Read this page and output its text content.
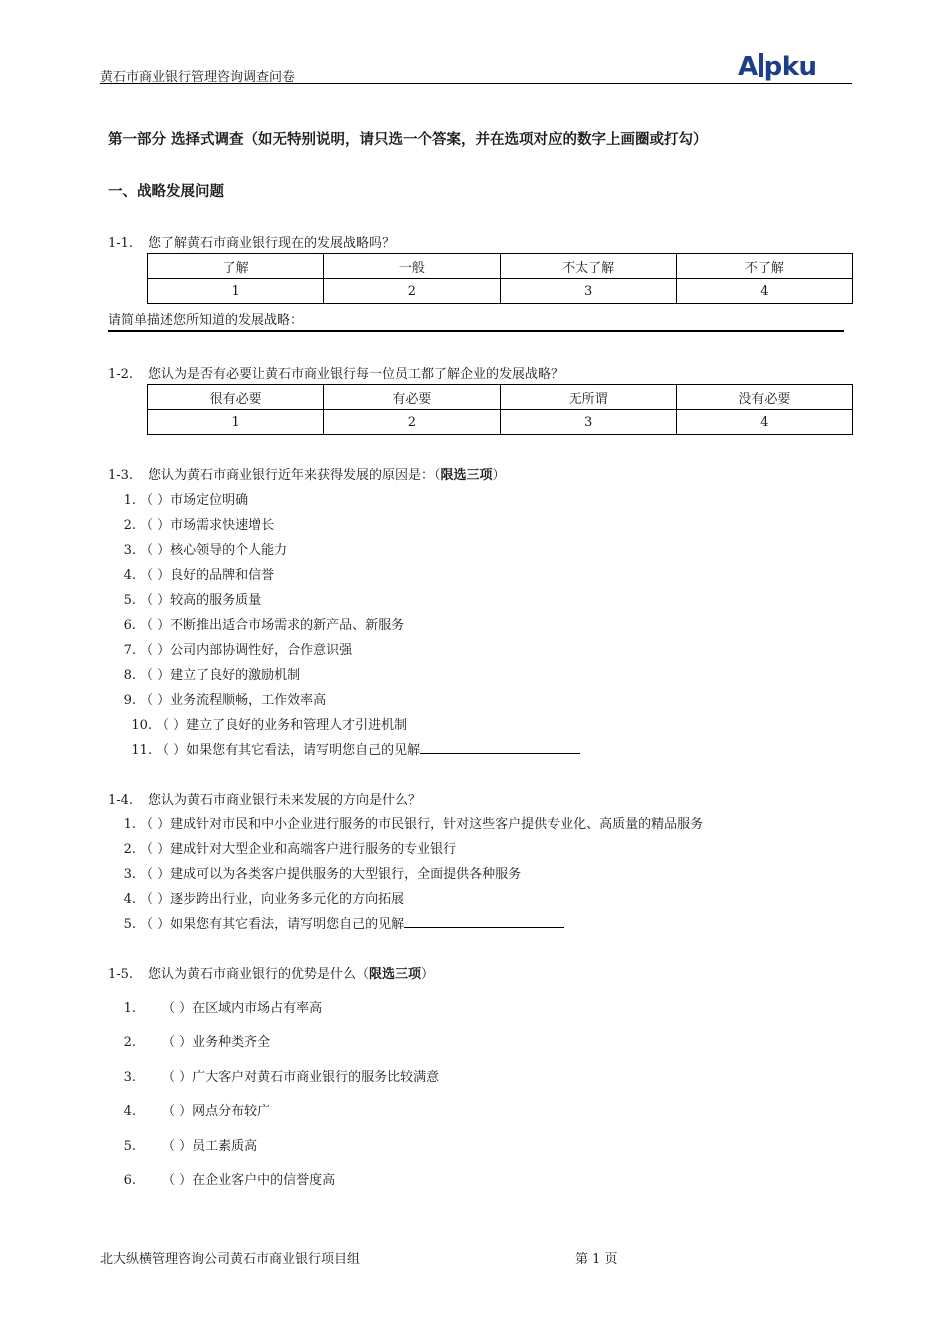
黄石市商业银行管理咨询调查问卷	A pku
第一部分 选择式调查（如无特别说明，请只选一个答案，并在选项对应的数字上画圈或打勾）
一、战略发展问题
1-1. 您了解黄石市商业银行现在的发展战略吗？
了解	一般	不太了解	不了解
1	2	3	4
请简单描述您所知道的发展战略：
1-2. 您认为是否有必要让黄石市商业银行每一位员工都了解企业的发展战略？
很有必要	有必要	无所谓	没有必要
1	2	3	4
1-3. 您认为黄石市商业银行近年来获得发展的原因是：（限选三项）
1. （ ）市场定位明确
2. （ ）市场需求快速增长
3. （ ）核心领导的个人能力
4. （ ）良好的品牌和信誉
5. （ ）较高的服务质量
6. （ ）不断推出适合市场需求的新产品、新服务
7. （ ）公司内部协调性好，合作意识强
8. （ ）建立了良好的激励机制
9. （ ）业务流程顺畅，工作效率高
10. （ ）建立了良好的业务和管理人才引进机制
11. （ ）如果您有其它看法，请写明您自己的见解
1-4. 您认为黄石市商业银行未来发展的方向是什么？
1. （ ）建成针对市民和中小企业进行服务的市民银行，针对这些客户提供专业化、高质量的精品服务
2. （ ）建成针对大型企业和高端客户进行服务的专业银行
3. （ ）建成可以为各类客户提供服务的大型银行，全面提供各种服务
4. （ ）逐步跨出行业，向业务多元化的方向拓展
5. （ ）如果您有其它看法，请写明您自己的见解
1-5. 您认为黄石市商业银行的优势是什么（限选三项）
1. （ ）在区域内市场占有率高
2. （ ）业务种类齐全
3. （ ）广大客户对黄石市商业银行的服务比较满意
4. （ ）网点分布较广
5. （ ）员工素质高
6. （ ）在企业客户中的信誉度高
北大纵横管理咨询公司黄石市商业银行项目组	第 1 页
